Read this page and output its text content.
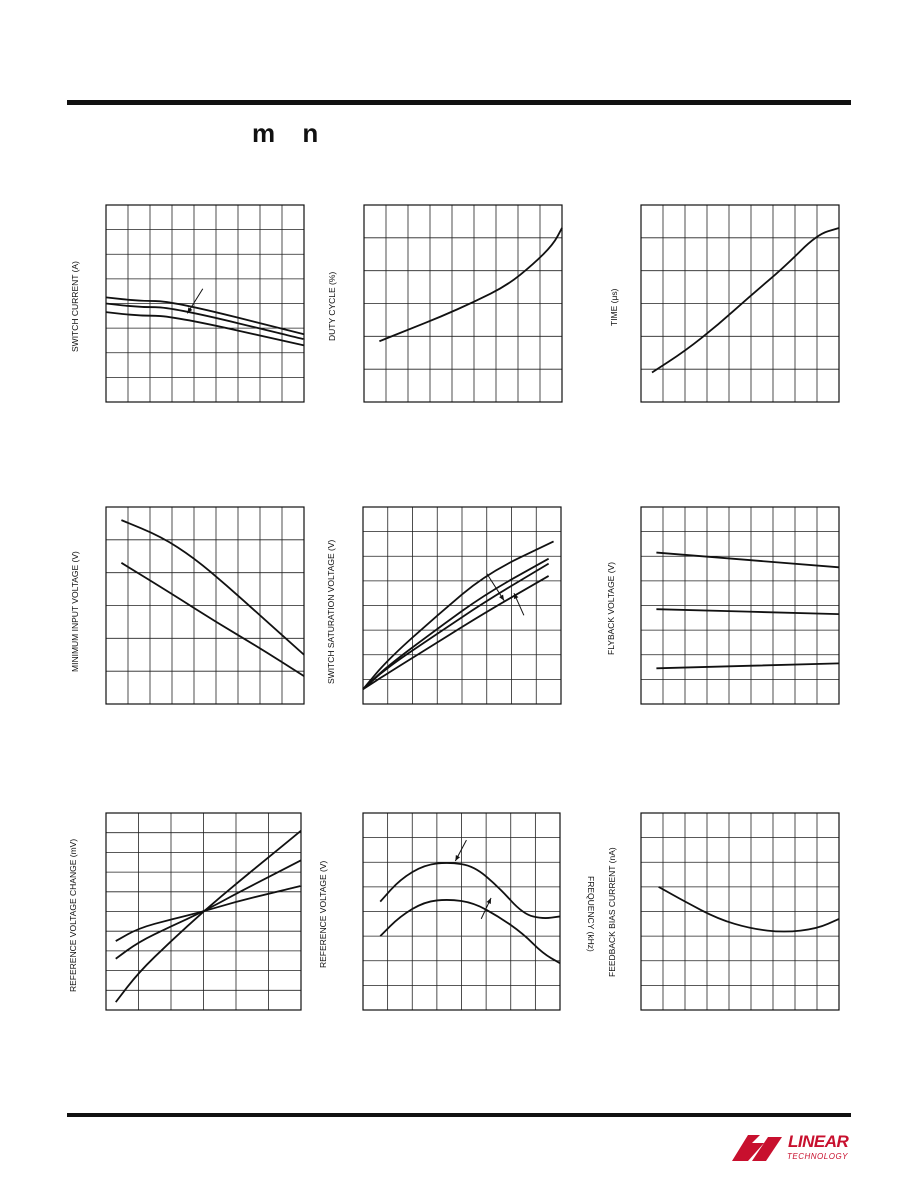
m n
SWITCH CURRENT (A)	DUTY CYCLE (%)	TIME (μs)
MINIMUM INPUT VOLTAGE (V)	SWITCH SATURATION VOLTAGE (V)	FLYBACK VOLTAGE (V)
REFERENCE VOLTAGE CHANGE (mV)	REFERENCE VOLTAGE (V)	FREQUENCY (kHz) FEEDBACK BIAS CURRENT (nA)
LINEAR
TECHNOLOGY
